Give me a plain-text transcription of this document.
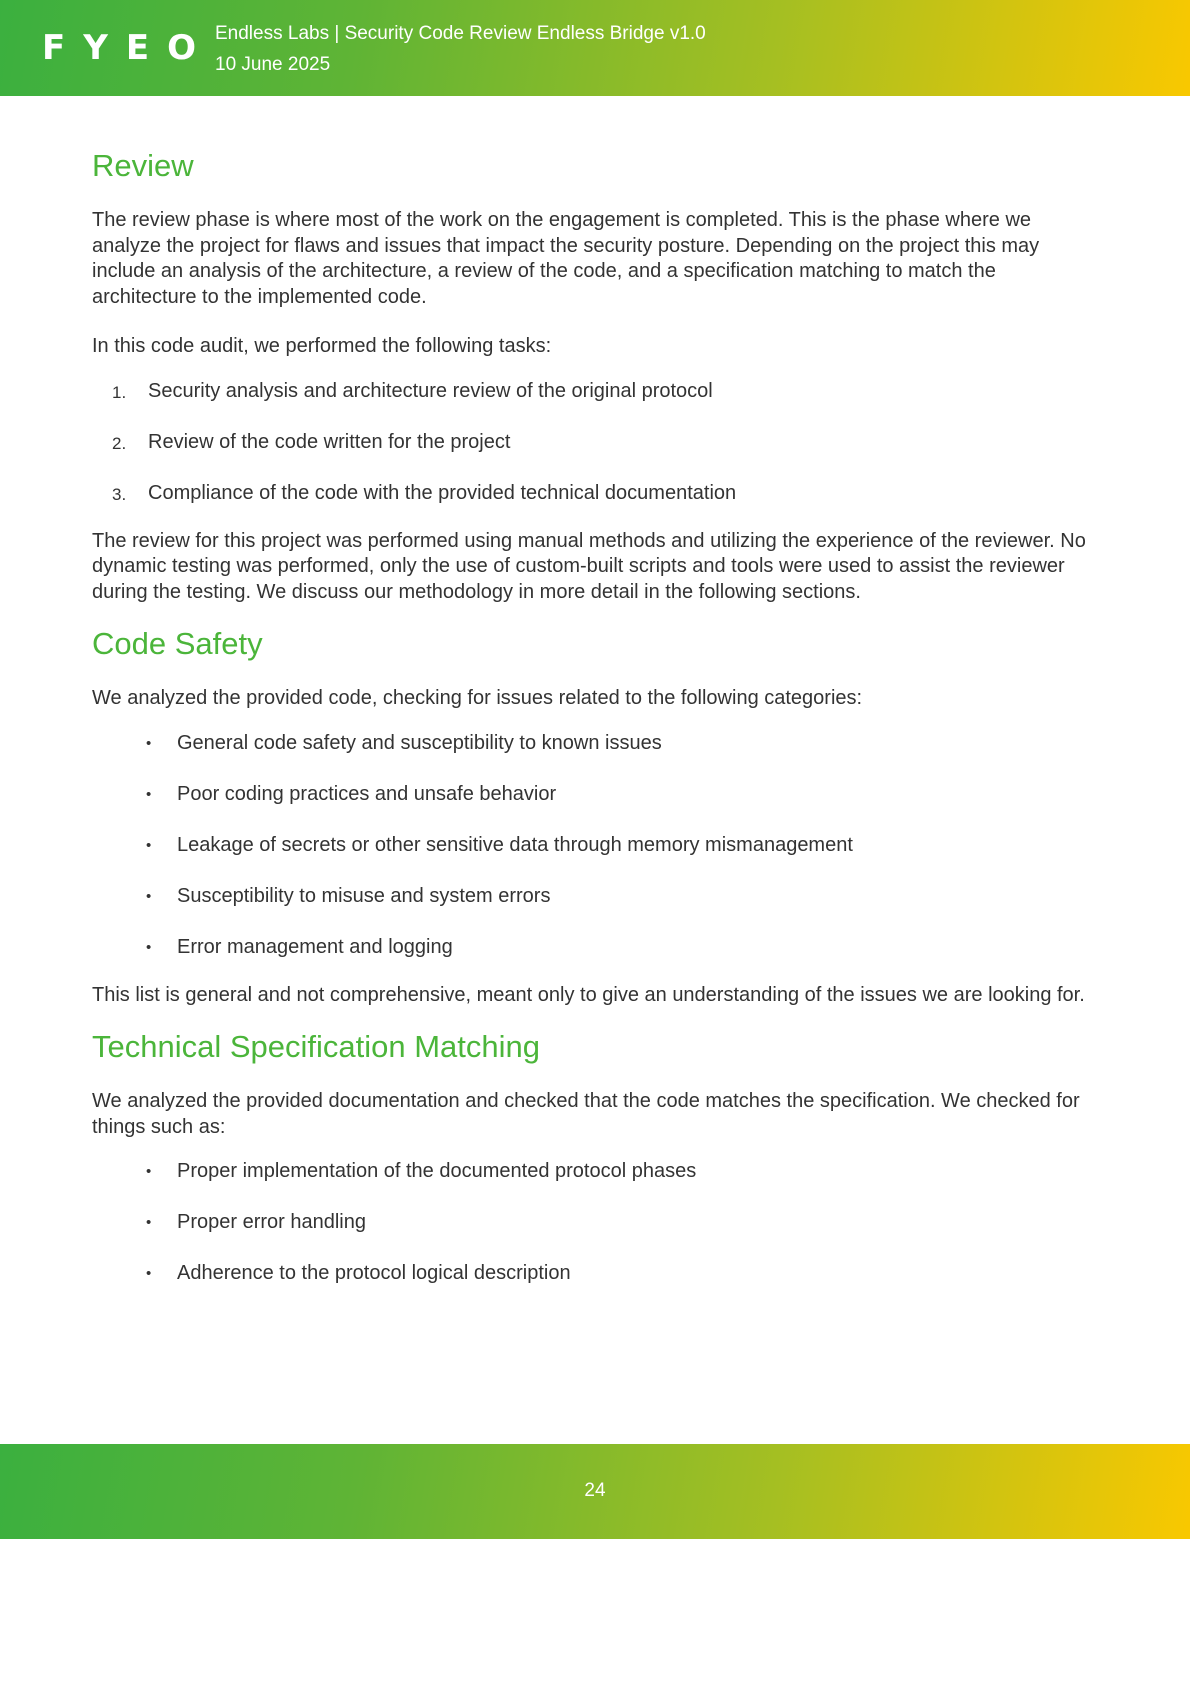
FYEO Endless Labs | Security Code Review Endless Bridge v1.0
10 June 2025
Review

The review phase is where most of the work on the engagement is completed. This is the phase where we analyze the project for flaws and issues that impact the security posture. Depending on the project this may include an analysis of the architecture, a review of the code, and a specification matching to match the architecture to the implemented code.

In this code audit, we performed the following tasks:

1. Security analysis and architecture review of the original protocol
2. Review of the code written for the project
3. Compliance of the code with the provided technical documentation

The review for this project was performed using manual methods and utilizing the experience of the reviewer. No dynamic testing was performed, only the use of custom-built scripts and tools were used to assist the reviewer during the testing. We discuss our methodology in more detail in the following sections.

Code Safety

We analyzed the provided code, checking for issues related to the following categories:

• General code safety and susceptibility to known issues
• Poor coding practices and unsafe behavior
• Leakage of secrets or other sensitive data through memory mismanagement
• Susceptibility to misuse and system errors
• Error management and logging

This list is general and not comprehensive, meant only to give an understanding of the issues we are looking for.

Technical Specification Matching

We analyzed the provided documentation and checked that the code matches the specification. We checked for things such as:

• Proper implementation of the documented protocol phases
• Proper error handling
• Adherence to the protocol logical description
24
